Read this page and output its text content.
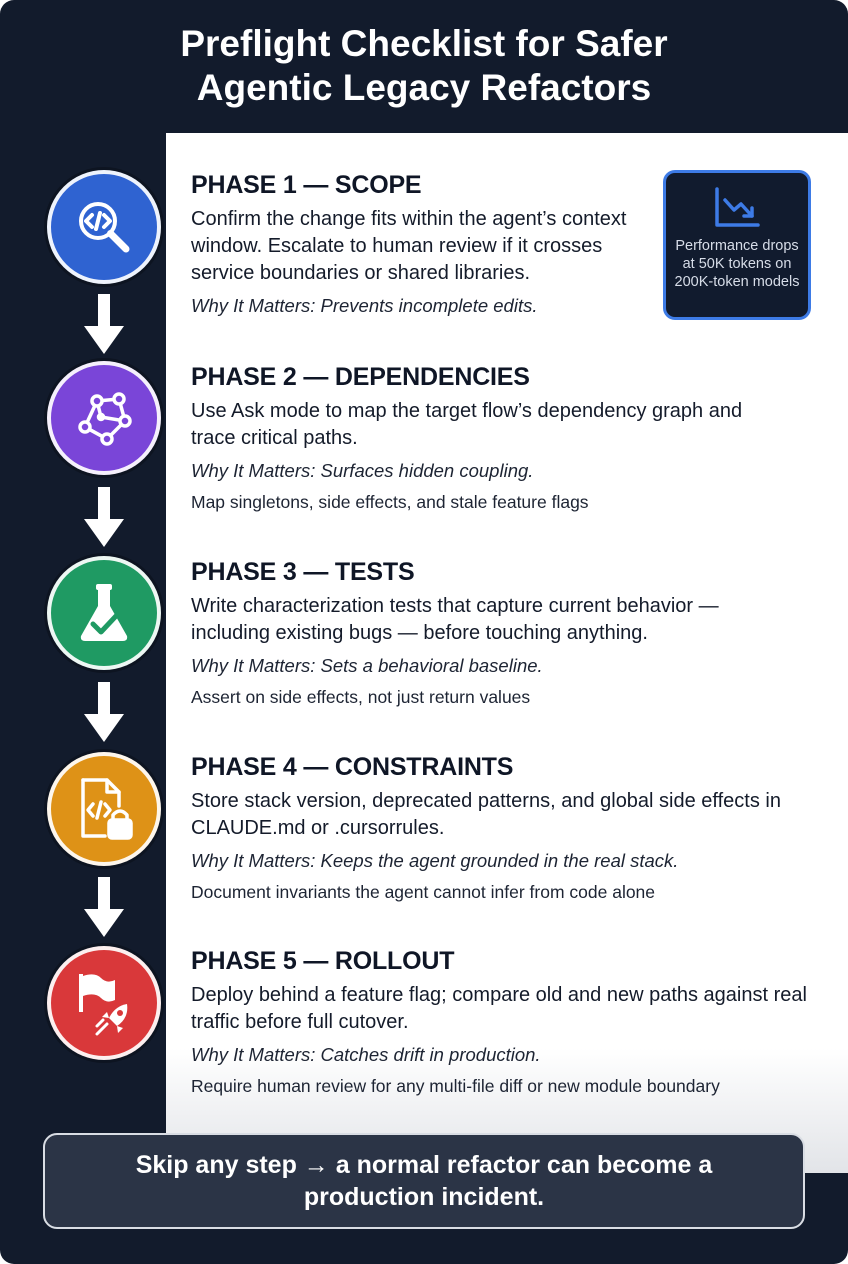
Preflight Checklist for Safer
Agentic Legacy Refactors
PHASE 1 — SCOPE

Confirm the change fits within the agent’s context window. Escalate to human review if it crosses service boundaries or shared libraries.

Why It Matters: Prevents incomplete edits.

Performance drops at 50K tokens on 200K-token models
PHASE 2 — DEPENDENCIES

Use Ask mode to map the target flow’s dependency graph and trace critical paths.

Why It Matters: Surfaces hidden coupling.

Map singletons, side effects, and stale feature flags

PHASE 3 — TESTS

Write characterization tests that capture current behavior — including existing bugs — before touching anything.

Why It Matters: Sets a behavioral baseline.

Assert on side effects, not just return values

PHASE 4 — CONSTRAINTS

Store stack version, deprecated patterns, and global side effects in CLAUDE.md or .cursorrules.

Why It Matters: Keeps the agent grounded in the real stack.

Document invariants the agent cannot infer from code alone

PHASE 5 — ROLLOUT

Deploy behind a feature flag; compare old and new paths against real traffic before full cutover.

Why It Matters: Catches drift in production.

Require human review for any multi-file diff or new module boundary

Skip any step → a normal refactor can become a production incident.
